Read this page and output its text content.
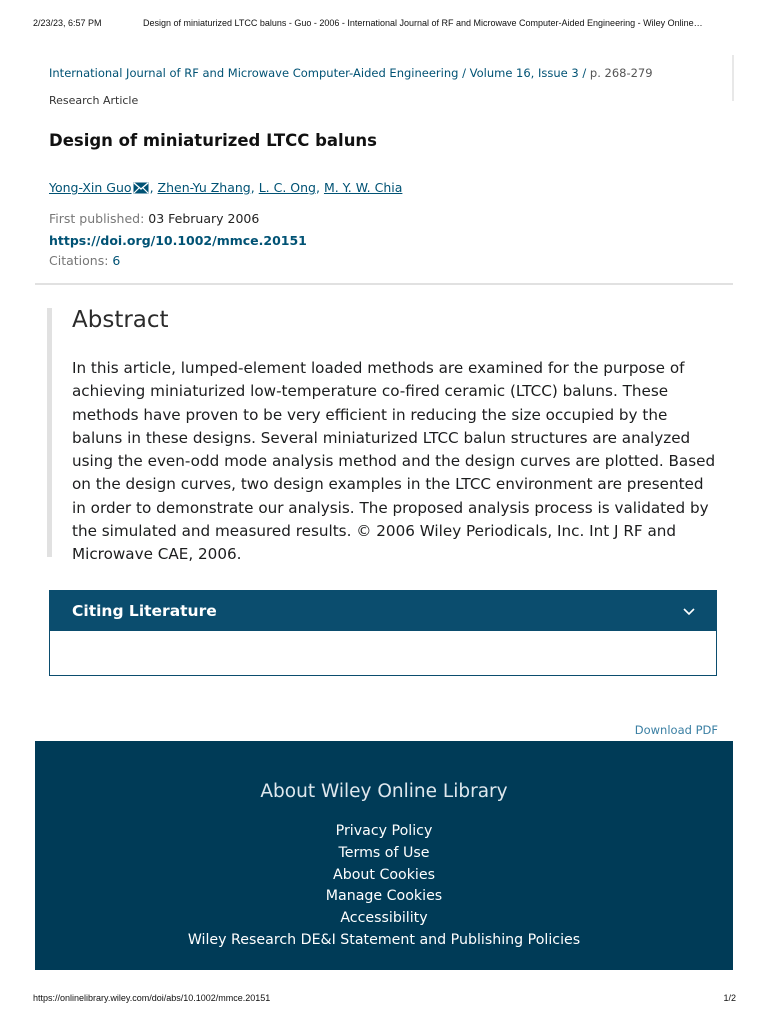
2/23/23, 6:57 PM	Design of miniaturized LTCC baluns - Guo - 2006 - International Journal of RF and Microwave Computer-Aided Engineering - Wiley Online…
International Journal of RF and Microwave Computer-Aided Engineering / Volume 16, Issue 3 / p. 268-279
Research Article
Design of miniaturized LTCC baluns
Yong-Xin Guo , Zhen-Yu Zhang, L. C. Ong, M. Y. W. Chia
First published: 03 February 2006
https://doi.org/10.1002/mmce.20151
Citations: 6
Abstract

In this article, lumped-element loaded methods are examined for the purpose of achieving miniaturized low-temperature co-fired ceramic (LTCC) baluns. These methods have proven to be very efficient in reducing the size occupied by the baluns in these designs. Several miniaturized LTCC balun structures are analyzed using the even-odd mode analysis method and the design curves are plotted. Based on the design curves, two design examples in the LTCC environment are presented in order to demonstrate our analysis. The proposed analysis process is validated by the simulated and measured results. © 2006 Wiley Periodicals, Inc. Int J RF and Microwave CAE, 2006.

Citing Literature
Download PDF
About Wiley Online Library
Privacy Policy
Terms of Use
About Cookies
Manage Cookies
Accessibility
Wiley Research DE&I Statement and Publishing Policies
https://onlinelibrary.wiley.com/doi/abs/10.1002/mmce.20151	1/2
